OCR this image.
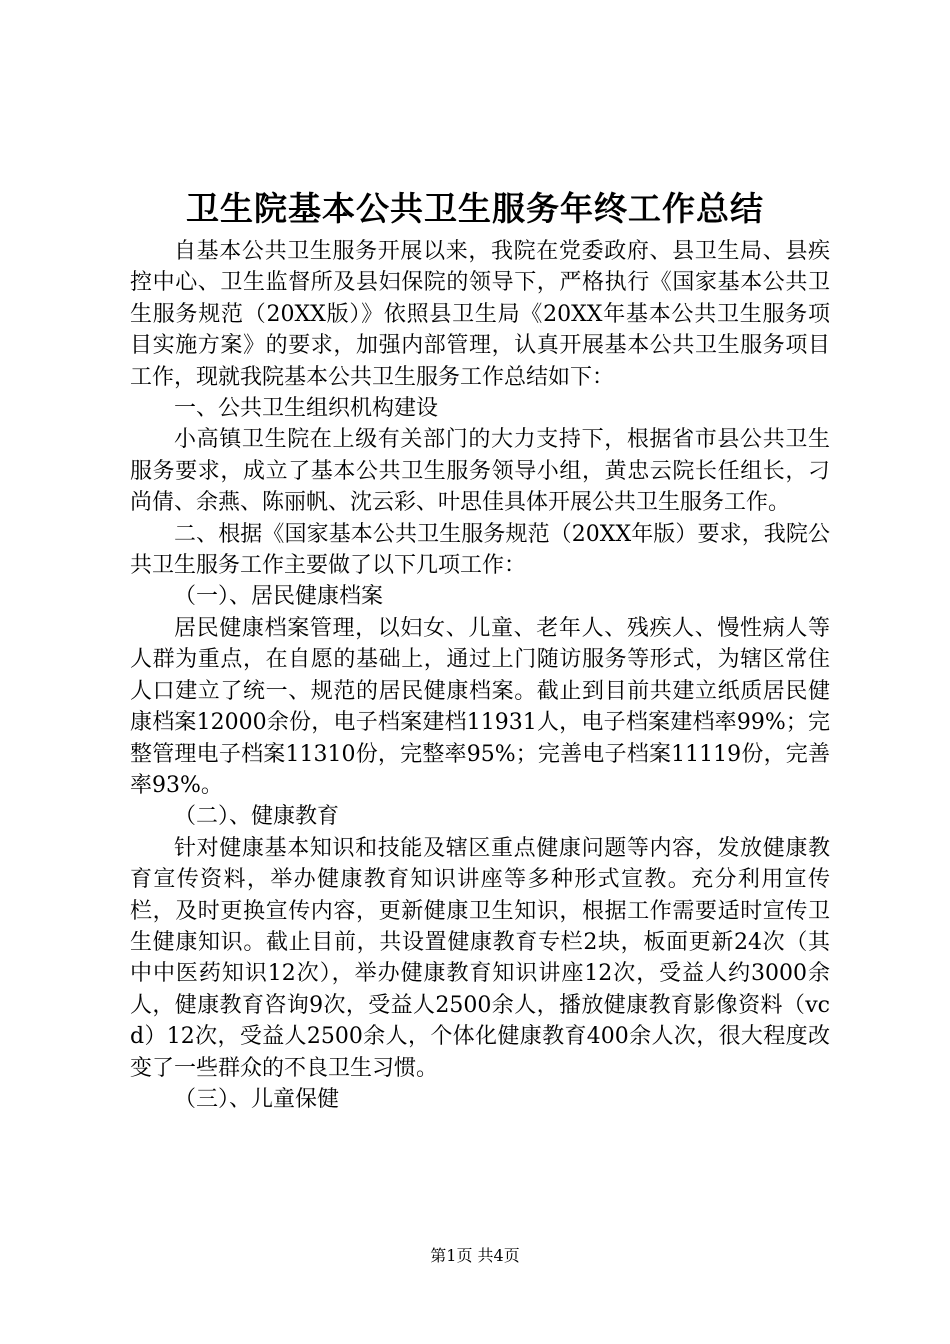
卫生院基本公共卫生服务年终工作总结

自基本公共卫生服务开展以来，我院在党委政府、县卫生局、县疾控中心、卫生监督所及县妇保院的领导下，严格执行《国家基本公共卫生服务规范（20XX版）》依照县卫生局《20XX年基本公共卫生服务项目实施方案》的要求，加强内部管理，认真开展基本公共卫生服务项目工作，现就我院基本公共卫生服务工作总结如下：

一、公共卫生组织机构建设

小高镇卫生院在上级有关部门的大力支持下，根据省市县公共卫生服务要求，成立了基本公共卫生服务领导小组，黄忠云院长任组长，刁尚倩、余燕、陈丽帆、沈云彩、叶思佳具体开展公共卫生服务工作。

二、根据《国家基本公共卫生服务规范（20XX年版）要求，我院公共卫生服务工作主要做了以下几项工作：

（一）、居民健康档案

居民健康档案管理，以妇女、儿童、老年人、残疾人、慢性病人等人群为重点，在自愿的基础上，通过上门随访服务等形式，为辖区常住人口建立了统一、规范的居民健康档案。截止到目前共建立纸质居民健康档案12000余份，电子档案建档11931人，电子档案建档率99%；完整管理电子档案11310份，完整率95%；完善电子档案11119份，完善率93%。

（二）、健康教育

针对健康基本知识和技能及辖区重点健康问题等内容，发放健康教育宣传资料，举办健康教育知识讲座等多种形式宣教。充分利用宣传栏，及时更换宣传内容，更新健康卫生知识，根据工作需要适时宣传卫生健康知识。截止目前，共设置健康教育专栏2块，板面更新24次（其中中医药知识12次），举办健康教育知识讲座12次，受益人约3000余人，健康教育咨询9次，受益人2500余人，播放健康教育影像资料（vcd）12次，受益人2500余人，个体化健康教育400余人次，很大程度改变了一些群众的不良卫生习惯。

（三）、儿童保健

第1页 共4页
